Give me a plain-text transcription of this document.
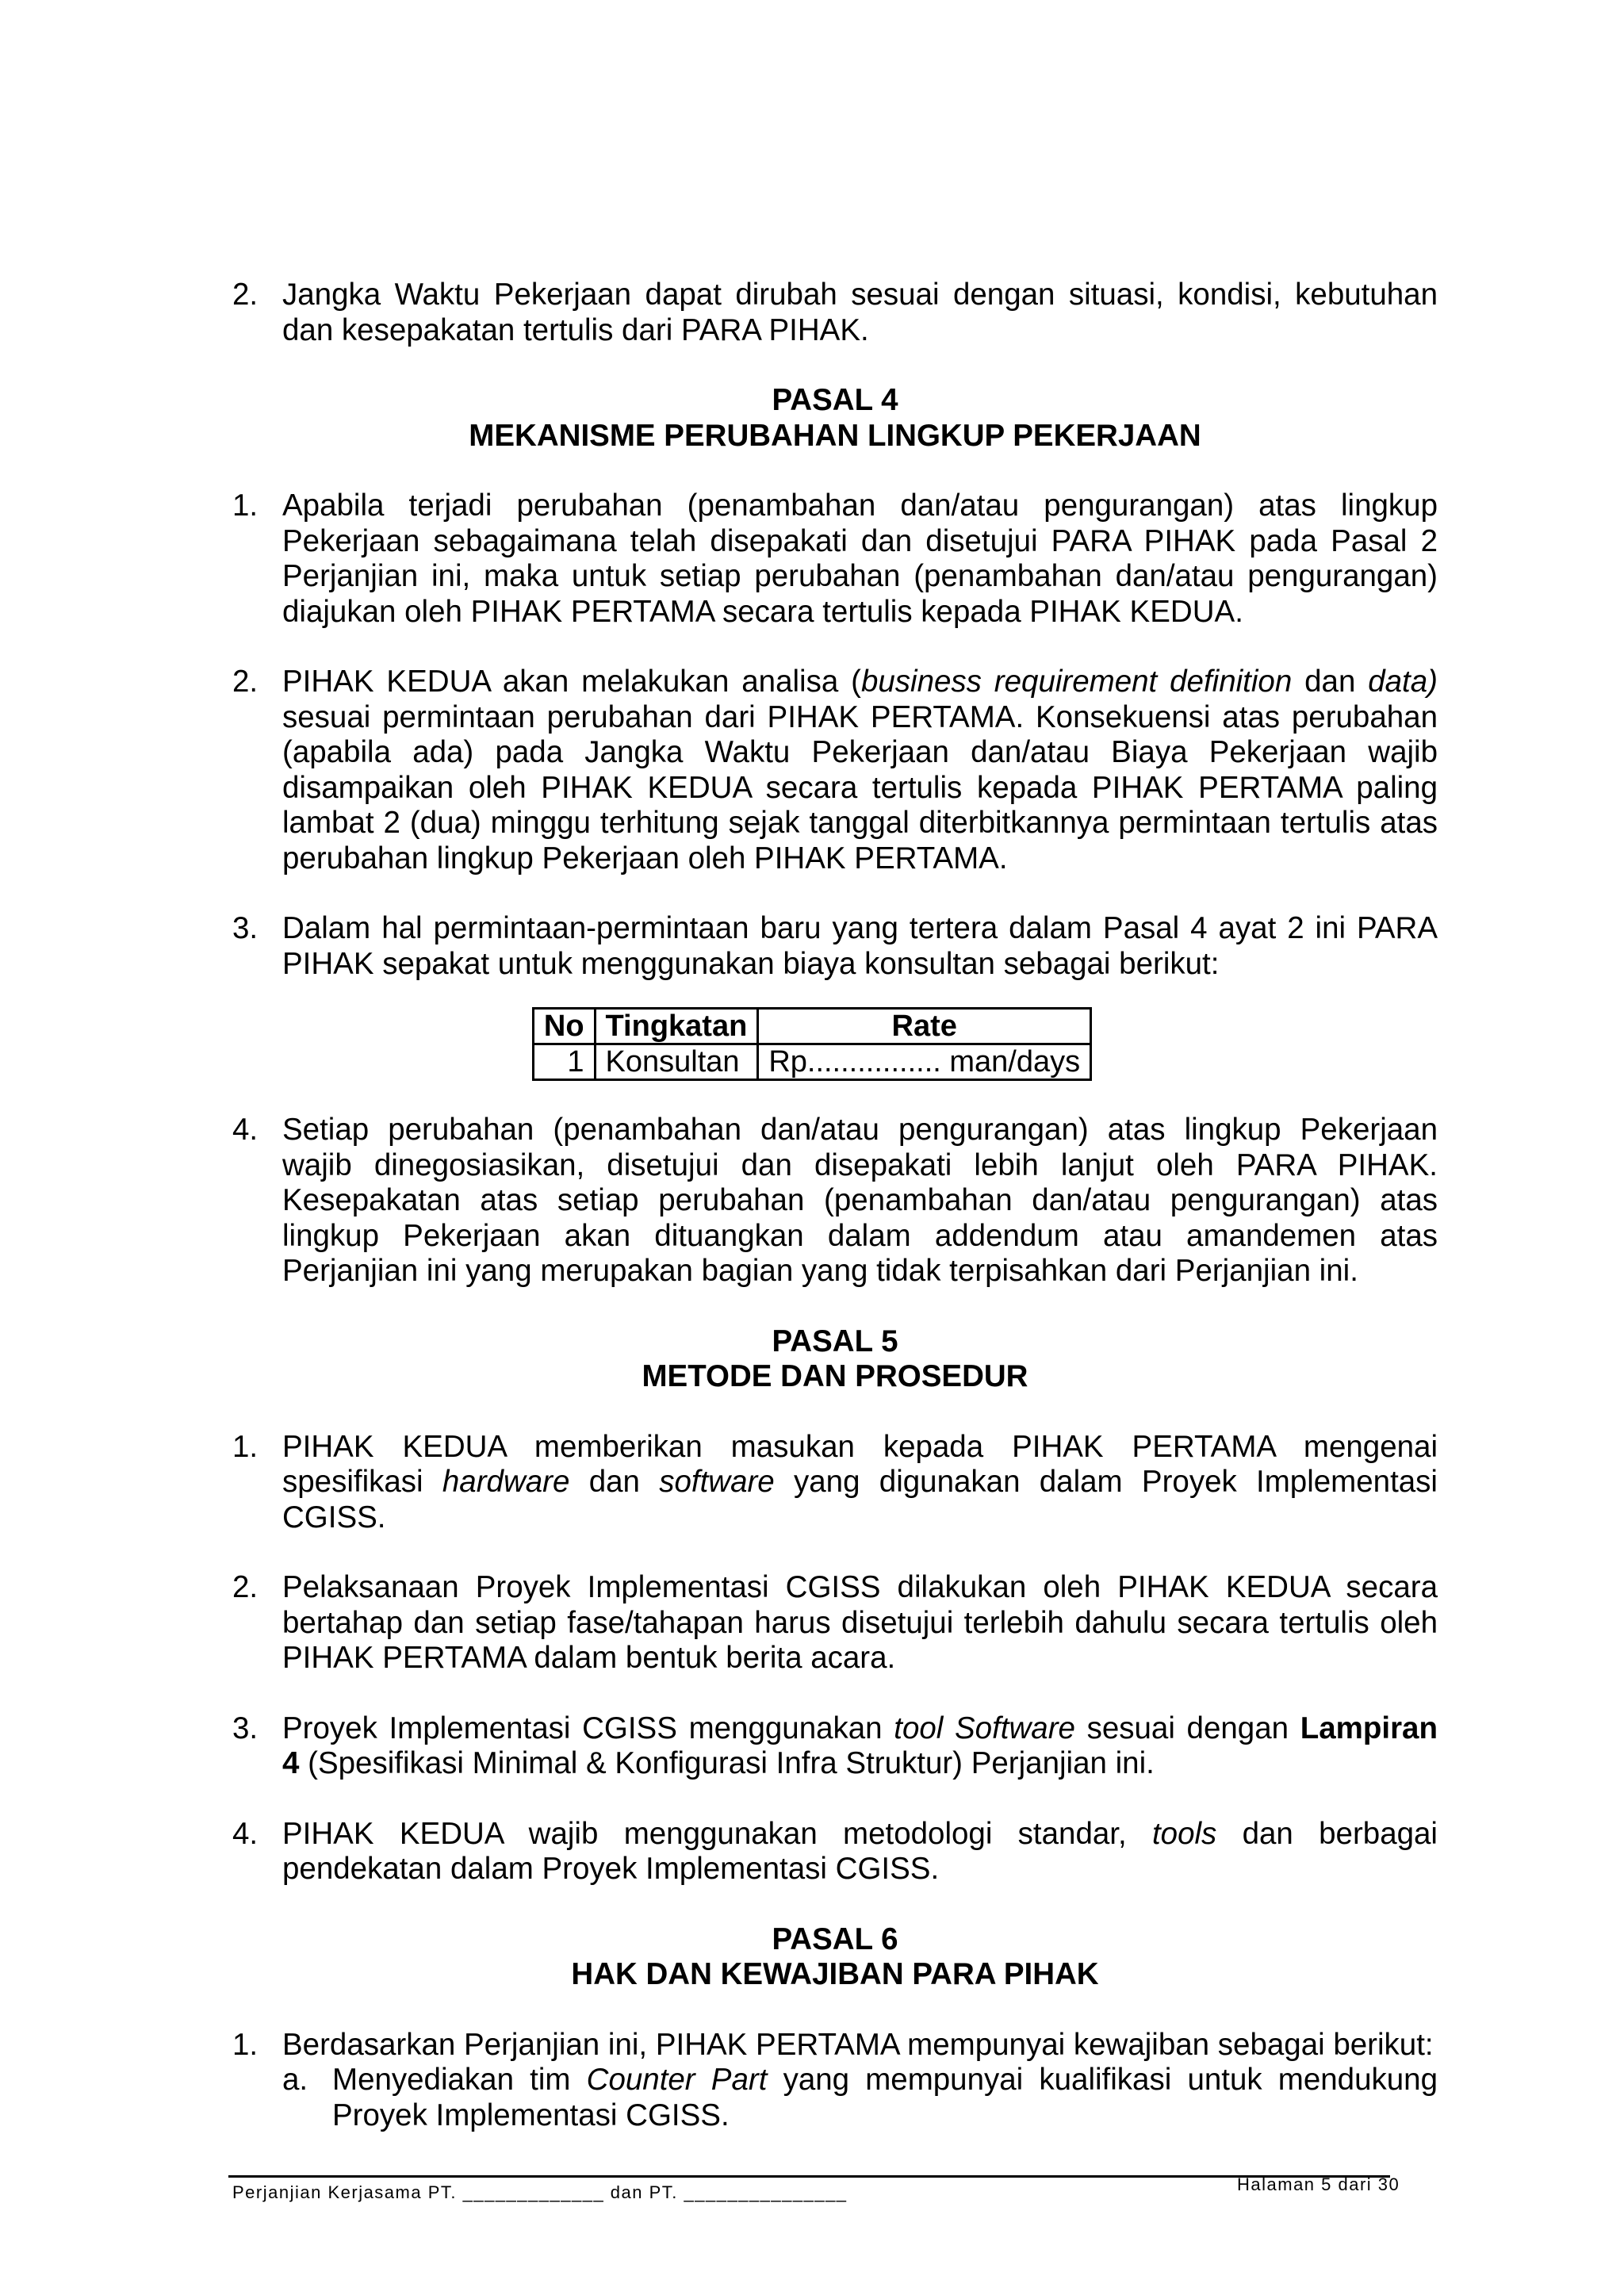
2. Jangka Waktu Pekerjaan dapat dirubah sesuai dengan situasi, kondisi, kebutuhan dan kesepakatan tertulis dari PARA PIHAK.
PASAL 4
MEKANISME PERUBAHAN LINGKUP PEKERJAAN
1. Apabila terjadi perubahan (penambahan dan/atau pengurangan) atas lingkup Pekerjaan sebagaimana telah disepakati dan disetujui PARA PIHAK pada Pasal 2 Perjanjian ini, maka untuk setiap perubahan (penambahan dan/atau pengurangan) diajukan oleh PIHAK PERTAMA secara tertulis kepada PIHAK KEDUA.
2. PIHAK KEDUA akan melakukan analisa (business requirement definition dan data) sesuai permintaan perubahan dari PIHAK PERTAMA. Konsekuensi atas perubahan (apabila ada) pada Jangka Waktu Pekerjaan dan/atau Biaya Pekerjaan wajib disampaikan oleh PIHAK KEDUA secara tertulis kepada PIHAK PERTAMA paling lambat 2 (dua) minggu terhitung sejak tanggal diterbitkannya permintaan tertulis atas perubahan lingkup Pekerjaan oleh PIHAK PERTAMA.
3. Dalam hal permintaan-permintaan baru yang tertera dalam Pasal 4 ayat 2 ini PARA PIHAK sepakat untuk menggunakan biaya konsultan sebagai berikut:
No	Tingkatan	Rate
1	Konsultan	Rp................ man/days
4. Setiap perubahan (penambahan dan/atau pengurangan) atas lingkup Pekerjaan wajib dinegosiasikan, disetujui dan disepakati lebih lanjut oleh PARA PIHAK. Kesepakatan atas setiap perubahan (penambahan dan/atau pengurangan) atas lingkup Pekerjaan akan dituangkan dalam addendum atau amandemen atas Perjanjian ini yang merupakan bagian yang tidak terpisahkan dari Perjanjian ini.
PASAL 5
METODE DAN PROSEDUR
1. PIHAK KEDUA memberikan masukan kepada PIHAK PERTAMA mengenai spesifikasi hardware dan software yang digunakan dalam Proyek Implementasi CGISS.
2. Pelaksanaan Proyek Implementasi CGISS dilakukan oleh PIHAK KEDUA secara bertahap dan setiap fase/tahapan harus disetujui terlebih dahulu secara tertulis oleh PIHAK PERTAMA dalam bentuk berita acara.
3. Proyek Implementasi CGISS menggunakan tool Software sesuai dengan Lampiran 4 (Spesifikasi Minimal & Konfigurasi Infra Struktur) Perjanjian ini.
4. PIHAK KEDUA wajib menggunakan metodologi standar, tools dan berbagai pendekatan dalam Proyek Implementasi CGISS.
PASAL 6
HAK DAN KEWAJIBAN PARA PIHAK
1. Berdasarkan Perjanjian ini, PIHAK PERTAMA mempunyai kewajiban sebagai berikut:
a. Menyediakan tim Counter Part yang mempunyai kualifikasi untuk mendukung Proyek Implementasi CGISS.
Perjanjian Kerjasama PT. _____________ dan PT. _______________	Halaman 5 dari 30
